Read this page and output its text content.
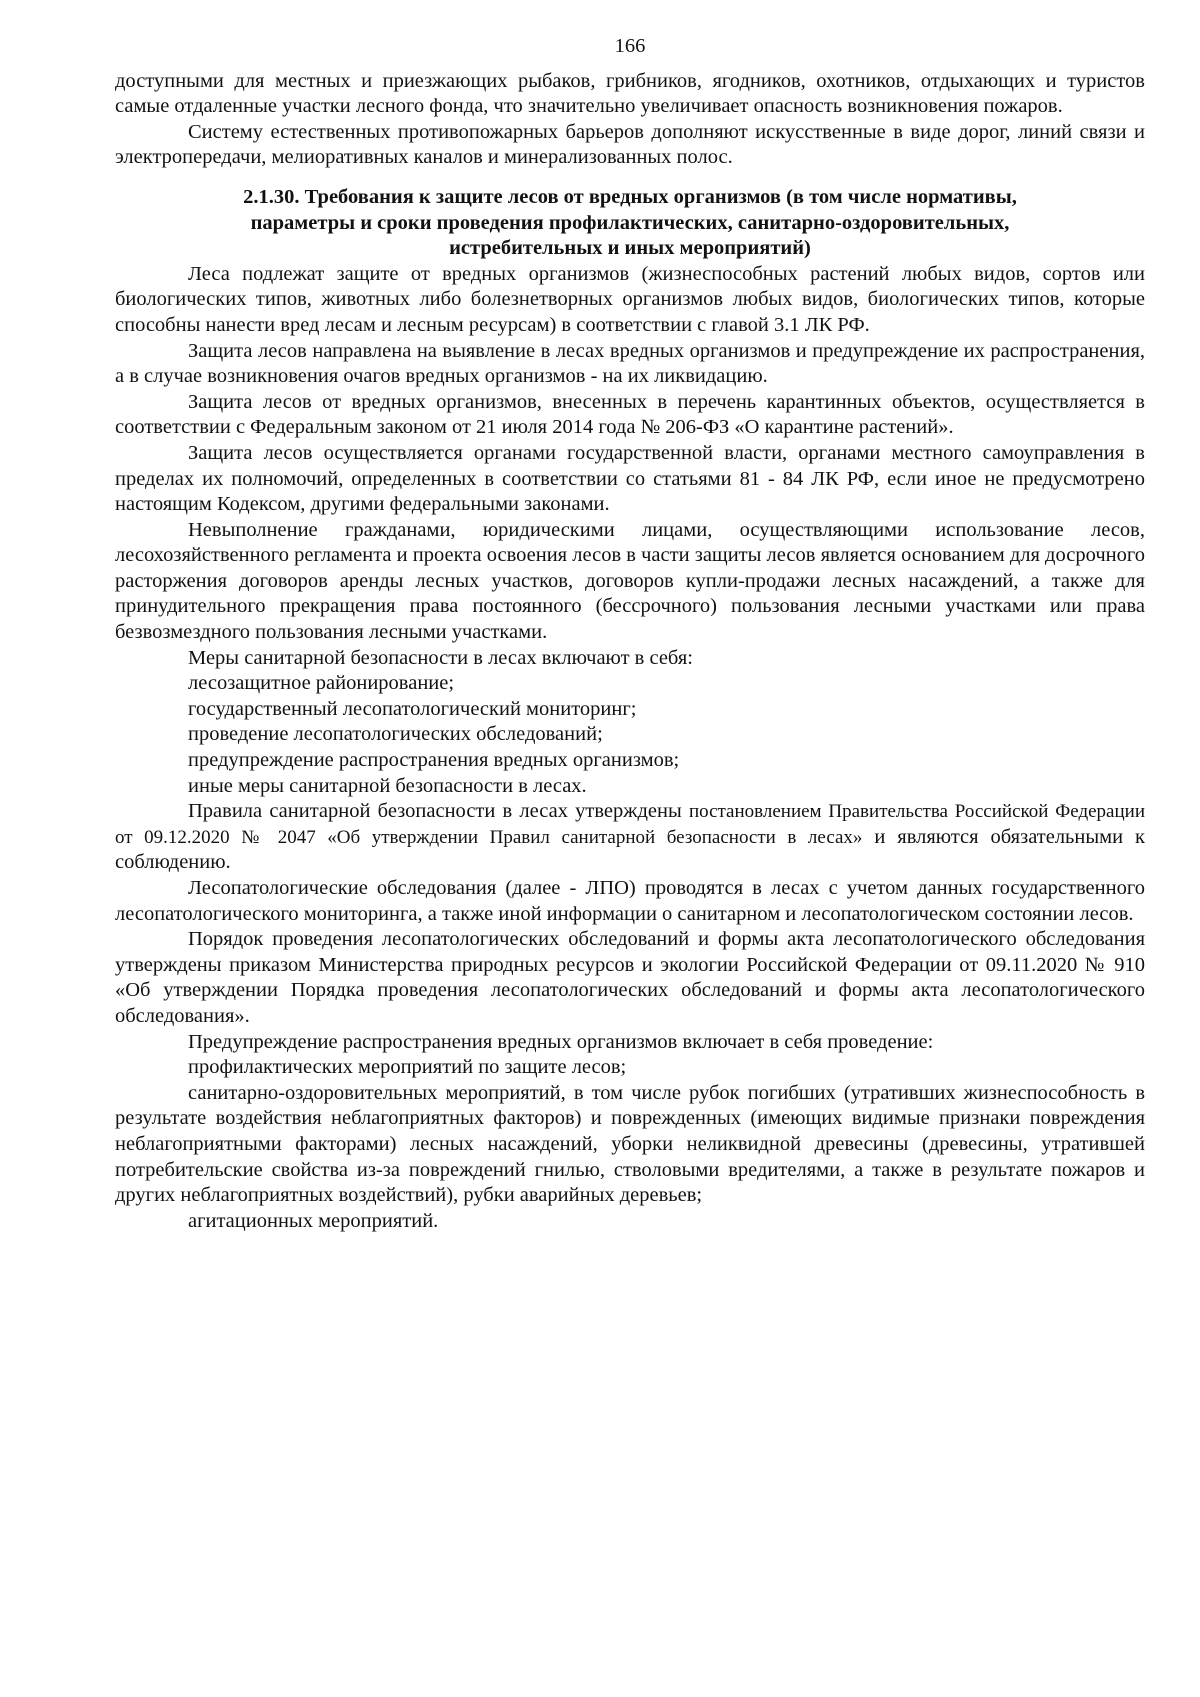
166

доступными для местных и приезжающих рыбаков, грибников, ягодников, охотников, отдыхающих и туристов самые отдаленные участки лесного фонда, что значительно увеличивает опасность возникновения пожаров.

Систему естественных противопожарных барьеров дополняют искусственные в виде дорог, линий связи и электропередачи, мелиоративных каналов и минерализованных полос.

2.1.30. Требования к защите лесов от вредных организмов (в том числе нормативы,
параметры и сроки проведения профилактических, санитарно-оздоровительных,
истребительных и иных мероприятий)

Леса подлежат защите от вредных организмов (жизнеспособных растений любых видов, сортов или биологических типов, животных либо болезнетворных организмов любых видов, биологических типов, которые способны нанести вред лесам и лесным ресурсам) в соответствии с главой 3.1 ЛК РФ.

Защита лесов направлена на выявление в лесах вредных организмов и предупреждение их распространения, а в случае возникновения очагов вредных организмов - на их ликвидацию.

Защита лесов от вредных организмов, внесенных в перечень карантинных объектов, осуществляется в соответствии с Федеральным законом от 21 июля 2014 года № 206-ФЗ «О карантине растений».

Защита лесов осуществляется органами государственной власти, органами местного самоуправления в пределах их полномочий, определенных в соответствии со статьями 81 - 84 ЛК РФ, если иное не предусмотрено настоящим Кодексом, другими федеральными законами.

Невыполнение гражданами, юридическими лицами, осуществляющими использование лесов, лесохозяйственного регламента и проекта освоения лесов в части защиты лесов является основанием для досрочного расторжения договоров аренды лесных участков, договоров купли-продажи лесных насаждений, а также для принудительного прекращения права постоянного (бессрочного) пользования лесными участками или права безвозмездного пользования лесными участками.

Меры санитарной безопасности в лесах включают в себя:

лесозащитное районирование;

государственный лесопатологический мониторинг;

проведение лесопатологических обследований;

предупреждение распространения вредных организмов;

иные меры санитарной безопасности в лесах.

Правила санитарной безопасности в лесах утверждены постановлением Правительства Российской Федерации от 09.12.2020 № 2047 «Об утверждении Правил санитарной безопасности в лесах» и являются обязательными к соблюдению.

Лесопатологические обследования (далее - ЛПО) проводятся в лесах с учетом данных государственного лесопатологического мониторинга, а также иной информации о санитарном и лесопатологическом состоянии лесов.

Порядок проведения лесопатологических обследований и формы акта лесопатологического обследования утверждены приказом Министерства природных ресурсов и экологии Российской Федерации от 09.11.2020 № 910 «Об утверждении Порядка проведения лесопатологических обследований и формы акта лесопатологического обследования».

Предупреждение распространения вредных организмов включает в себя проведение:

профилактических мероприятий по защите лесов;

санитарно-оздоровительных мероприятий, в том числе рубок погибших (утративших жизнеспособность в результате воздействия неблагоприятных факторов) и поврежденных (имеющих видимые признаки повреждения неблагоприятными факторами) лесных насаждений, уборки неликвидной древесины (древесины, утратившей потребительские свойства из-за повреждений гнилью, стволовыми вредителями, а также в результате пожаров и других неблагоприятных воздействий), рубки аварийных деревьев;

агитационных мероприятий.
